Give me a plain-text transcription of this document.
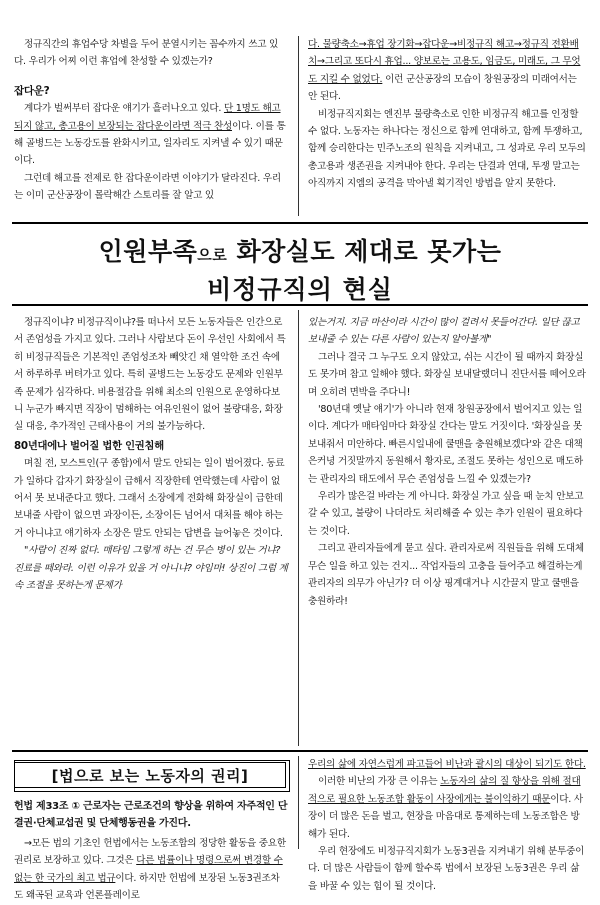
정규직간의 휴업수당 차별을 두어 분열시키는 꼼수까지 쓰고 있다. 우리가 어찌 이런 휴업에 찬성할 수 있겠는가?

잡다운?

계다가 벌써부터 잡다운 얘기가 흘러나오고 있다. 단 1명도 해고되지 않고, 총고용이 보장되는 잡다운이라면 적극 찬성이다. 이를 통해 골병드는 노동강도를 완화시키고, 일자리도 지켜낼 수 있기 때문이다.

그런데 해고를 전제로 한 잡다운이라면 이야기가 달라진다. 우리는 이미 군산공장이 몰락해간 스토리를 잘 알고 있

다. 물량축소→휴업 장기화→잡다운→비정규직 해고→정규직 전환배치→그리고 또다시 휴업... 양보로는 고용도, 임금도, 미래도, 그 무엇도 지킬 수 없었다. 이런 군산공장의 모습이 창원공장의 미래여서는 안 된다.

비정규직지회는 엔진부 물량축소로 인한 비정규직 해고를 인정할 수 없다. 노동자는 하나다는 정신으로 함께 연대하고, 함께 투쟁하고, 함께 승리한다는 민주노조의 원칙을 지켜내고, 그 성과로 우리 모두의 총고용과 생존권을 지켜내야 한다. 우리는 단결과 연대, 투쟁 말고는 아직까지 지엠의 공격을 막아낼 획기적인 방법을 알지 못한다.

인원부족으로 화장실도 제대로 못가는
비정규직의 현실

정규직이냐? 비정규직이냐?를 떠나서 모든 노동자들은 인간으로서 존엄성을 가지고 있다. 그러나 사람보다 돈이 우선인 사회에서 특히 비정규직들은 기본적인 존엄성조차 빼앗긴 채 열악한 조건 속에서 하루하루 버텨가고 있다. 특히 골병드는 노동강도 문제와 인원부족 문제가 심각하다. 비용절감을 위해 최소의 인원으로 운영하다보니 누군가 빠지면 직장이 멈해하는 여유인원이 없어 불량대응, 화장실 대응, 추가적인 근태사용이 거의 불가능하다.

80년대에나 벌어질 법한 인권침해

며칠 전, 모스트인(구 종합)에서 말도 안되는 일이 벌어졌다. 동료가 일하다 갑자기 화장실이 급해서 직장한테 연락했는데 사람이 없어서 못 보내준다고 했다. 그래서 소장에게 전화해 화장실이 급한데 보내줄 사람이 없으면 과장이든, 소장이든 넘어서 대처를 해야 하는거 아니냐고 얘기하자 소장은 말도 안되는 답변을 늘어놓은 것이다.

"사람이 진짜 없다. 매타임 그렇게 하는 건 무슨 병이 있는 거냐? 진료를 떼와라. 이런 이유가 있을 거 아니냐? 야임마! 상진이 그럼 계속 조절을 못하는게 문제가

있는거지. 지금 마산이라 시간이 많이 걸려서 못들어간다. 일단 끊고 보내줄 수 있는 다른 사람이 있는지 알아볼게"

그러나 결국 그 누구도 오지 않았고, 쉬는 시간이 될 때까지 화장실도 못가며 참고 일해야 했다. 화장실 보내달랬더니 진단서를 떼어오라며 오히려 면박을 주다니!

'80년대 옛날 얘기'가 아니라 현재 창원공장에서 벌어지고 있는 일이다. 계다가 매타임마다 화장실 간다는 말도 거짓이다. '화장실을 못 보내줘서 미안하다. 빠른시일내에 쿨맨을 충원해보겠다'와 같은 대책은커녕 거짓말까지 동원해서 황자로, 조절도 못하는 성인으로 매도하는 관리자의 태도에서 무슨 존엄성을 느낄 수 있겠는가?

우리가 많은걸 바라는 게 아니다. 화장실 가고 싶을 때 눈치 안보고 갈 수 있고, 불량이 나더라도 처리해줄 수 있는 추가 인원이 필요하다는 것이다.

그리고 관리자들에게 묻고 싶다. 관리자로써 직원들을 위해 도대체 무슨 일을 하고 있는 건지... 작업자들의 고충을 들어주고 해결하는게 관리자의 의무가 아닌가? 더 이상 핑계대거나 시간끌지 말고 쿨맨을 충원하라!

[법으로 보는 노동자의 권리]

헌법 제33조 ① 근로자는 근로조건의 향상을 위하여 자주적인 단결권·단체교섭권 및 단체행동권을 가진다.

우리의 삶에 자연스럽게 파고들어 비난과 괄시의 대상이 되기도 한다.

이러한 비난의 가장 큰 이유는 노동자의 삶의 질 향상을 위해 절대적으로 필요한 노동조합 활동이 사장에게는 불이익하기 때문이다. 사장이 더 많은 돈을 벌고, 현장을 마음대로 통제하는데 노동조합은 방해가 된다.

우리 현장에도 비정규직지회가 노동3권을 지켜내기 위해 분투중이다. 더 많은 사람들이 함께 할수록 법에서 보장된 노동3권은 우리 삶을 바꿀 수 있는 힘이 될 것이다.

→모든 법의 기초인 헌법에서는 노동조합의 정당한 활동을 중요한 권리로 보장하고 있다. 그것은 다른 법률이나 명령으로써 변경할 수 없는 한 국가의 최고 법규이다. 하지만 헌법에 보장된 노동3권조차도 왜곡된 교육과 언론플레이로
